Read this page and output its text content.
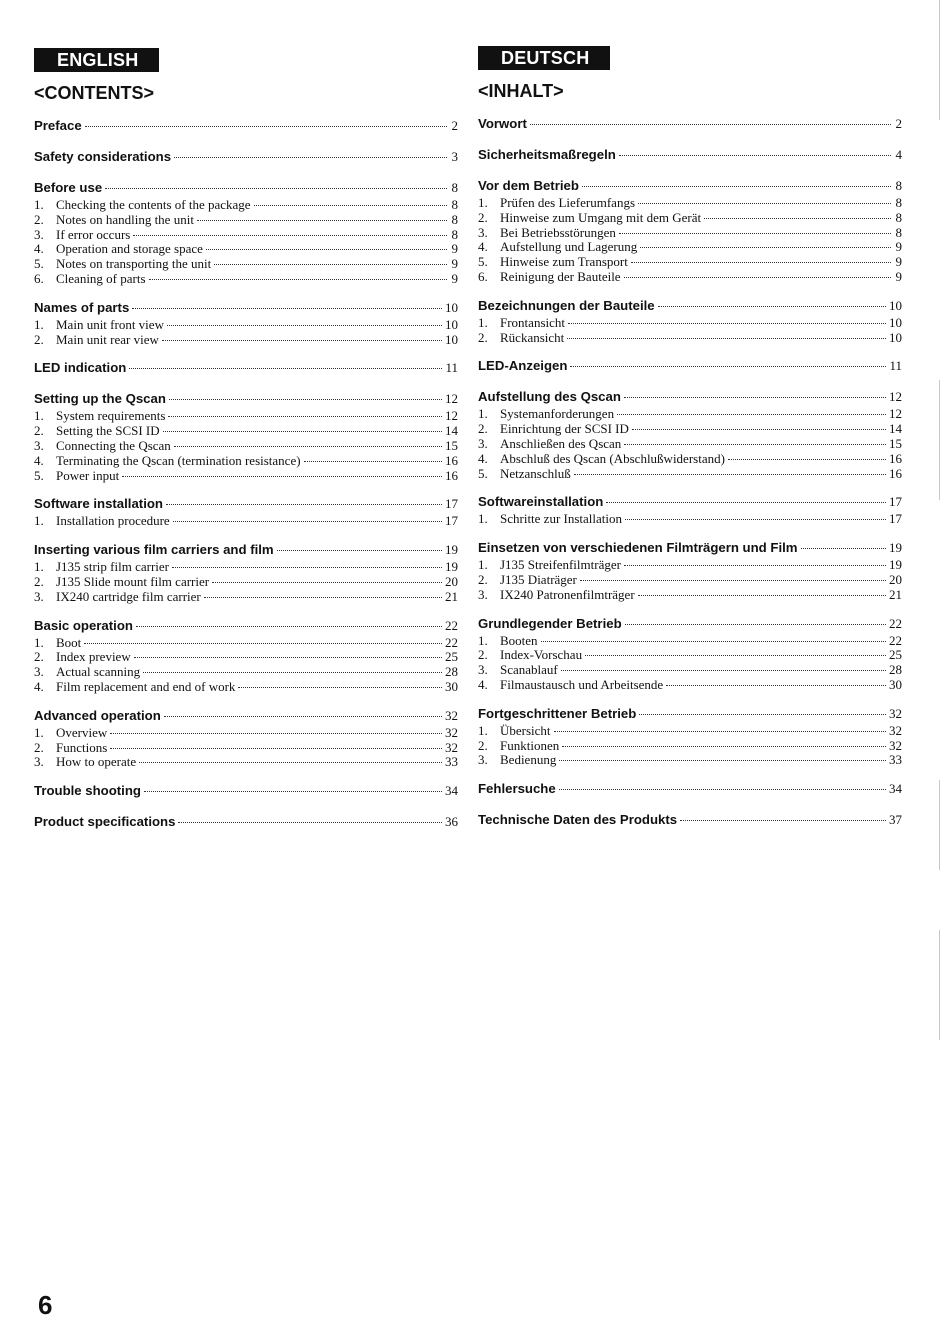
ENGLISH
<CONTENTS>
Preface	2
Safety considerations	3
Before use	8
1. Checking the contents of the package	8
2. Notes on handling the unit	8
3. If error occurs	8
4. Operation and storage space	9
5. Notes on transporting the unit	9
6. Cleaning of parts	9
Names of parts	10
1. Main unit front view	10
2. Main unit rear view	10
LED indication	11
Setting up the Qscan	12
1. System requirements	12
2. Setting the SCSI ID	14
3. Connecting the Qscan	15
4. Terminating the Qscan (termination resistance)	16
5. Power input	16
Software installation	17
1. Installation procedure	17
Inserting various film carriers and film	19
1. J135 strip film carrier	19
2. J135 Slide mount film carrier	20
3. IX240 cartridge film carrier	21
Basic operation	22
1. Boot	22
2. Index preview	25
3. Actual scanning	28
4. Film replacement and end of work	30
Advanced operation	32
1. Overview	32
2. Functions	32
3. How to operate	33
Trouble shooting	34
Product specifications	36
DEUTSCH
<INHALT>
Vorwort	2
Sicherheitsmaßregeln	4
Vor dem Betrieb	8
1. Prüfen des Lieferumfangs	8
2. Hinweise zum Umgang mit dem Gerät	8
3. Bei Betriebsstörungen	8
4. Aufstellung und Lagerung	9
5. Hinweise zum Transport	9
6. Reinigung der Bauteile	9
Bezeichnungen der Bauteile	10
1. Frontansicht	10
2. Rückansicht	10
LED-Anzeigen	11
Aufstellung des Qscan	12
1. Systemanforderungen	12
2. Einrichtung der SCSI ID	14
3. Anschließen des Qscan	15
4. Abschluß des Qscan (Abschlußwiderstand)	16
5. Netzanschluß	16
Softwareinstallation	17
1. Schritte zur Installation	17
Einsetzen von verschiedenen Filmträgern und Film	19
1. J135 Streifenfilmträger	19
2. J135 Diaträger	20
3. IX240 Patronenfilmträger	21
Grundlegender Betrieb	22
1. Booten	22
2. Index-Vorschau	25
3. Scanablauf	28
4. Filmaustausch und Arbeitsende	30
Fortgeschrittener Betrieb	32
1. Übersicht	32
2. Funktionen	32
3. Bedienung	33
Fehlersuche	34
Technische Daten des Produkts	37
6
